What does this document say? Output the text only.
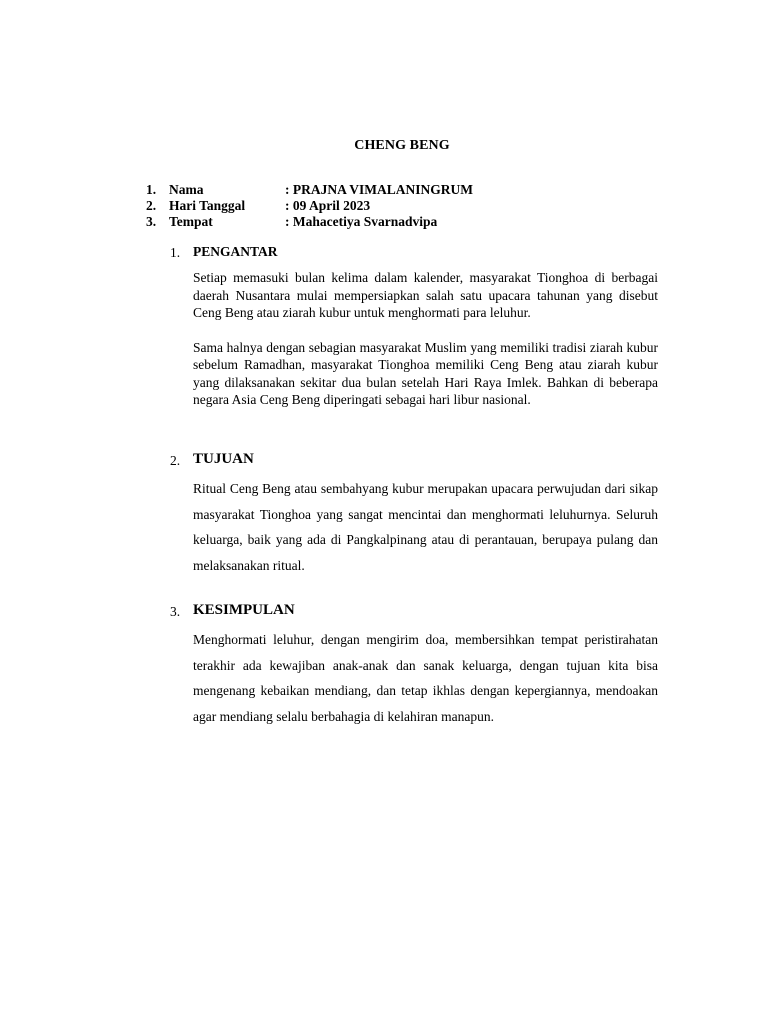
CHENG BENG
1. Nama	: PRAJNA VIMALANINGRUM
2. Hari Tanggal	: 09 April 2023
3. Tempat	: Mahacetiya Svarnadvipa
1. PENGANTAR

Setiap memasuki bulan kelima dalam kalender, masyarakat Tionghoa di berbagai daerah Nusantara mulai mempersiapkan salah satu upacara tahunan yang disebut Ceng Beng atau ziarah kubur untuk menghormati para leluhur.

Sama halnya dengan sebagian masyarakat Muslim yang memiliki tradisi ziarah kubur sebelum Ramadhan, masyarakat Tionghoa memiliki Ceng Beng atau ziarah kubur yang dilaksanakan sekitar dua bulan setelah Hari Raya Imlek. Bahkan di beberapa negara Asia Ceng Beng diperingati sebagai hari libur nasional.

2. TUJUAN

Ritual Ceng Beng atau sembahyang kubur merupakan upacara perwujudan dari sikap masyarakat Tionghoa yang sangat mencintai dan menghormati leluhurnya. Seluruh keluarga, baik yang ada di Pangkalpinang atau di perantauan, berupaya pulang dan melaksanakan ritual.

3. KESIMPULAN

Menghormati leluhur, dengan mengirim doa, membersihkan tempat peristirahatan terakhir ada kewajiban anak-anak dan sanak keluarga, dengan tujuan kita bisa mengenang kebaikan mendiang, dan tetap ikhlas dengan kepergiannya, mendoakan agar mendiang selalu berbahagia di kelahiran manapun.
